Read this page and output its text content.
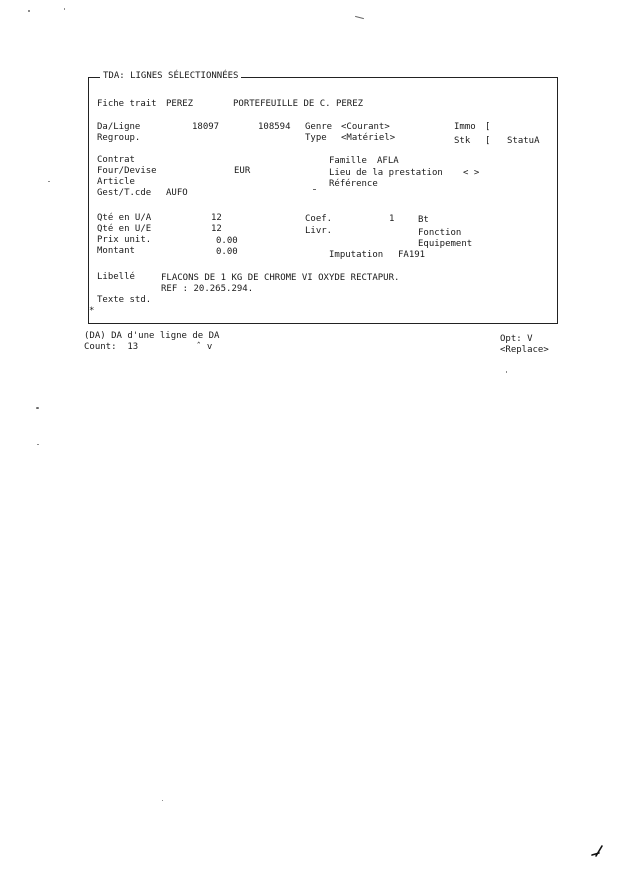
TDA: LIGNES SÉLECTIONNÉES
Fiche trait PEREZ	PORTEFEUILLE DE C. PEREZ
Da/Ligne	18097	108594 Genre <Courant>	Immo [
Regroup.	Type <Matériel>	Stk [ StatuA
Contrat	Famille AFLA
Four/Devise	EUR	Lieu de la prestation < >
Article	Référence
Gest/T.cde AUFO
Qté en U/A	12	Coef.	1	Bt
Qté en U/E	12	Livr.	Fonction
Prix unit.	0.00	Equipement
Montant	0.00	Imputation FA191
Libellé	FLACONS DE 1 KG DE CHROME VI OXYDE RECTAPUR.
REF : 20.265.294.
Texte std.
*
(DA) DA d'une ligne de DA
Count:  13	ˆ v
Opt: V
<Replace>
